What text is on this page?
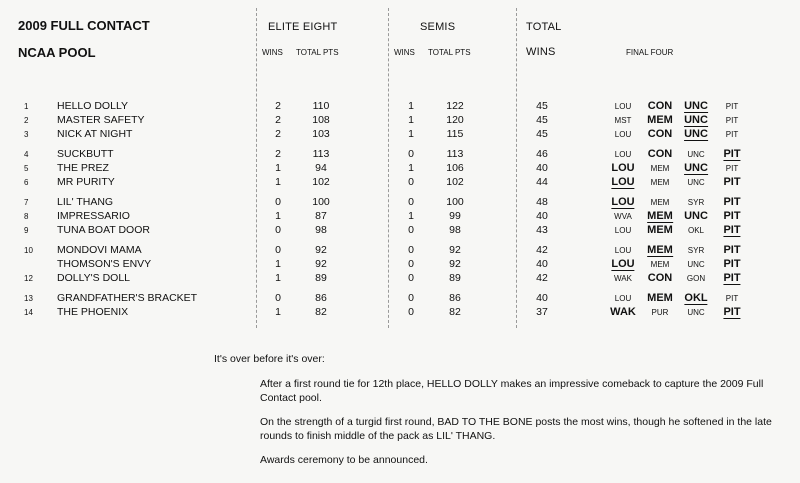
2009 FULL CONTACT
NCAA POOL
ELITE EIGHT	SEMIS	TOTAL
WINS TOTAL PTS	WINS TOTAL PTS	WINS	FINAL FOUR
1	HELLO DOLLY	2	110	1	122	45	LOU CON UNC PIT
2	MASTER SAFETY	2	108	1	120	45	MST MEM UNC PIT
3	NICK AT NIGHT	2	103	1	115	45	LOU CON UNC PIT
4	SUCKBUTT	2	113	0	113	46	LOU CON UNC PIT
5	THE PREZ	1	94	1	106	40	LOU MEM UNC PIT
6	MR PURITY	1	102	0	102	44	LOU MEM UNC PIT
7	LIL' THANG	0	100	0	100	48	LOU MEM SYR PIT
8	IMPRESSARIO	1	87	1	99	40	WVA MEM UNC PIT
9	TUNA BOAT DOOR	0	98	0	98	43	LOU MEM OKL PIT
10 MONDOVI MAMA	0	92	0	92	42	LOU MEM SYR PIT
THOMSON'S ENVY	1	92	0	92	40	LOU MEM UNC PIT
12 DOLLY'S DOLL	1	89	0	89	42	WAK CON GON PIT
13 GRANDFATHER'S BRACKET	0	86	0	86	40	LOU MEM OKL PIT
14 THE PHOENIX	1	82	0	82	37	WAK PUR UNC PIT
It's over before it's over:
After a first round tie for 12th place, HELLO DOLLY makes an impressive comeback to capture the 2009 Full Contact pool.
On the strength of a turgid first round, BAD TO THE BONE posts the most wins, though he softened in the late rounds to finish middle of the pack as LIL' THANG.
Awards ceremony to be announced.
